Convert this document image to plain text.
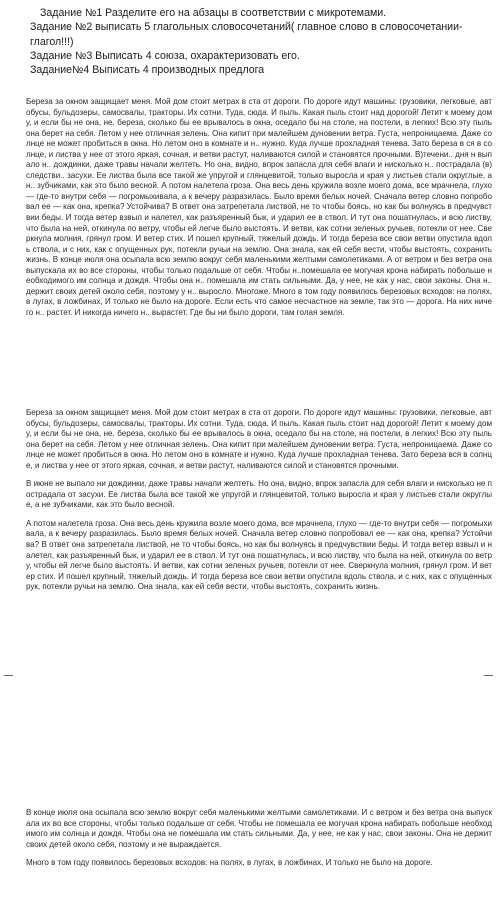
Задание №1 Разделите его на абзацы в соответствии с микротемами.

Задание №2 выписать 5 глагольных словосочетаний( главное слово в словосочетании- глагол!!!)

Задание №3 Выписать 4 союза, охарактеризовать его.

Задание№4 Выписать 4 производных предлога

Береза за окном защищает меня. Мой дом стоит метрах в ста от дороги. По дороге идут машины: грузовики, легковые, автобусы, бульдозеры, самосвалы, тракторы. Их сотни. Туда, сюда. И пыль. Какая пыль стоит над дорогой! Летит к моему дому, и если бы не она, не. береза, сколько бы ее врывалось в окна, оседало бы на столе, на постели, в легких! Всю эту пыль она берет на себя. Летом у нее отличная зелень. Она кипит при малейшем дуновении ветра. Густа, непроницаема. Даже солнце не может пробиться в окна. Но летом оно в комнате и н.. нужно. Куда лучше прохладная тенева. Зато береза в ся в солнце, и листва у нее от этого яркая, сочная, и ветви растут, наливаются силой и становятся прочными. В)течени.. дня н выпало н.. дождинки, даже травы начали желтеть. Но она, видно, впрок запасла для себя влаги и нисколько н.. пострадала (в)следстви.. засухи. Ее листва была все такой же упругой и глянцевитой, только выросла и края у листьев стали округлые, а н.. зубчиками, как это было весной. А потом налетела гроза. Она весь день кружила возле моего дома, все мрачнела, глухо — где-то внутри себя — погромыхивала, а к вечеру разразилась. Было время белых ночей. Сначала ветер словно попробовал ее — как она, крепка? Устойчива? В ответ она затрепетала листвой, не то чтобы боясь, но как бы волнуясь в предчувствии беды. И тогда ветер взвыл и налетел, как разъяренный бык, и ударил ее в ствол. И тут она пошатнулась, и всю листву, что была на ней, откинула по ветру, чтобы ей легче было выстоять. И ветви, как сотни зеленых ручьев, потекли от нее. Сверкнула молния, грянул гром. И ветер стих. И пошел крупный, тяжелый дождь. И тогда береза все свои ветви опустила вдоль ствола, и с них, как с опущенных рук, потекли ручьи на землю. Она знала, как ей себя вести, чтобы выстоять, сохранить жизнь. В конце июля она осыпала всю землю вокруг себя маленькими желтыми самолетиками. А от ветром и без ветра она выпускала их во все стороны, чтобы только подальше от себя. Чтобы н..помешала ее могучая крона набирать побольше необходимого им солнца и дождя. Чтобы она н.. помешала им стать сильными. Да, у нее, не как у нас, свои законы. Она н.. держит своих детей около себя, поэтому у н.. выросло. Многоже. Много в том году появилось березовых всходов: на полях, в лугах, в ложбинах, И только не было на дороге. Если есть что самое несчастное на земле, так это — дорога. На них ничего н.. растет. И никогда ничего н.. вырастет. Где бы ни было дороги, там голая земля.

Береза за окном защищает меня. Мой дом стоит метрах в ста от дороги. По дороге идут машины: грузовики, легковые, автобусы, бульдозеры, самосвалы, тракторы. Их сотни. Туда, сюда. И пыль. Какая пыль стоит над дорогой! Летит к моему дому, и если бы не она, не. береза, сколько бы ее врывалось в окна, оседало бы на столе, на постели, в легких! Всю эту пыль она берет на себя. Летом у нее отличная зелень. Она кипит при малейшем дуновении ветра. Густа, непроницаема. Даже солнце не может пробиться в окна. Но летом оно в комнате и нужно. Куда лучше прохладная тенева. Зато береза вся в солнце, и листва у нее от этого яркая, сочная, и ветви растут, наливаются силой и становятся прочными.

В июне не выпало ни дождинки, даже травы начали желтеть. Но она, видно, впрок запасла для себя влаги и нисколько не пострадала от засухи. Ее листва была все такой же упругой и глянцевитой, только выросла и края у листьев стали округлые, а не зубчиками, как это было весной.

А потом налетела гроза. Она весь день кружила возле моего дома, все мрачнела, глухо — где-то внутри себя — погромыхивала, а к вечеру разразилась. Было время белых ночей. Сначала ветер словно попробовал ее — как она, крепка? Устойчива? В ответ она затрепетала листвой, не то чтобы боясь, но как бы волнуясь в предчувствии беды. И тогда ветер взвыл и налетел, как разъяренный бык, и ударил ее в ствол. И тут она пошатнулась, и всю листву, что была на ней, откинула по ветру, чтобы ей легче было выстоять. И ветви, как сотни зеленых ручьев, потекли от нее. Сверкнула молния, грянул гром. И ветер стих. И пошел крупный, тяжелый дождь. И тогда береза все свои ветви опустила вдоль ствола, и с них, как с опущенных рук, потекли ручьи на землю. Она знала, как ей себя вести, чтобы выстоять, сохранить жизнь.

В конце июля она осыпала всю землю вокруг себя маленькими желтыми самолетиками. И с ветром и без ветра она выпускала их во все стороны, чтобы только подальше от себя. Чтобы не помешала ее могучая крона набирать побольше необходимого им солнца и дождя. Чтобы она не помешала им стать сильными. Да, у нее, не как у нас, свои законы. Она не держит своих детей около себя, поэтому и не выраждается.

Много в том году появилось березовых всходов: на полях, в лугах, в ложбинах, И только не было на дороге.
